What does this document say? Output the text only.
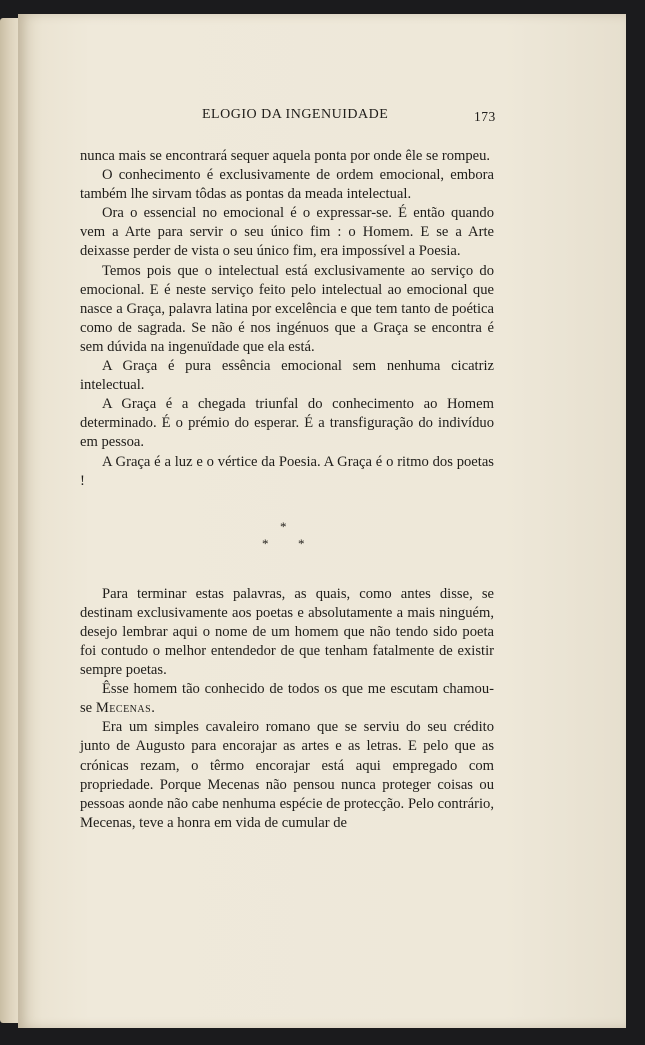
ELOGIO DA INGENUIDADE	173

nunca mais se encontrará sequer aquela ponta por onde êle se rompeu.

O conhecimento é exclusivamente de ordem emocional, embora também lhe sirvam tôdas as pontas da meada intelectual.

Ora o essencial no emocional é o expressar-se. É então quando vem a Arte para servir o seu único fim : o Homem. E se a Arte deixasse perder de vista o seu único fim, era impossível a Poesia.

Temos pois que o intelectual está exclusivamente ao serviço do emocional. E é neste serviço feito pelo intelectual ao emocional que nasce a Graça, palavra latina por excelência e que tem tanto de poética como de sagrada. Se não é nos ingénuos que a Graça se encontra é sem dúvida na ingenuïdade que ela está.

A Graça é pura essência emocional sem nenhuma cicatriz intelectual.

A Graça é a chegada triunfal do conhecimento ao Homem determinado. É o prémio do esperar. É a transfiguração do indivíduo em pessoa.

A Graça é a luz e o vértice da Poesia. A Graça é o ritmo dos poetas !

*
* *

Para terminar estas palavras, as quais, como antes disse, se destinam exclusivamente aos poetas e absolutamente a mais ninguém, desejo lembrar aqui o nome de um homem que não tendo sido poeta foi contudo o melhor entendedor de que tenham fatalmente de existir sempre poetas.

Êsse homem tão conhecido de todos os que me escutam chamou-se Mecenas.

Era um simples cavaleiro romano que se serviu do seu crédito junto de Augusto para encorajar as artes e as letras. E pelo que as crónicas rezam, o têrmo encorajar está aqui empregado com propriedade. Porque Mecenas não pensou nunca proteger coisas ou pessoas aonde não cabe nenhuma espécie de protecção. Pelo contrário, Mecenas, teve a honra em vida de cumular de
